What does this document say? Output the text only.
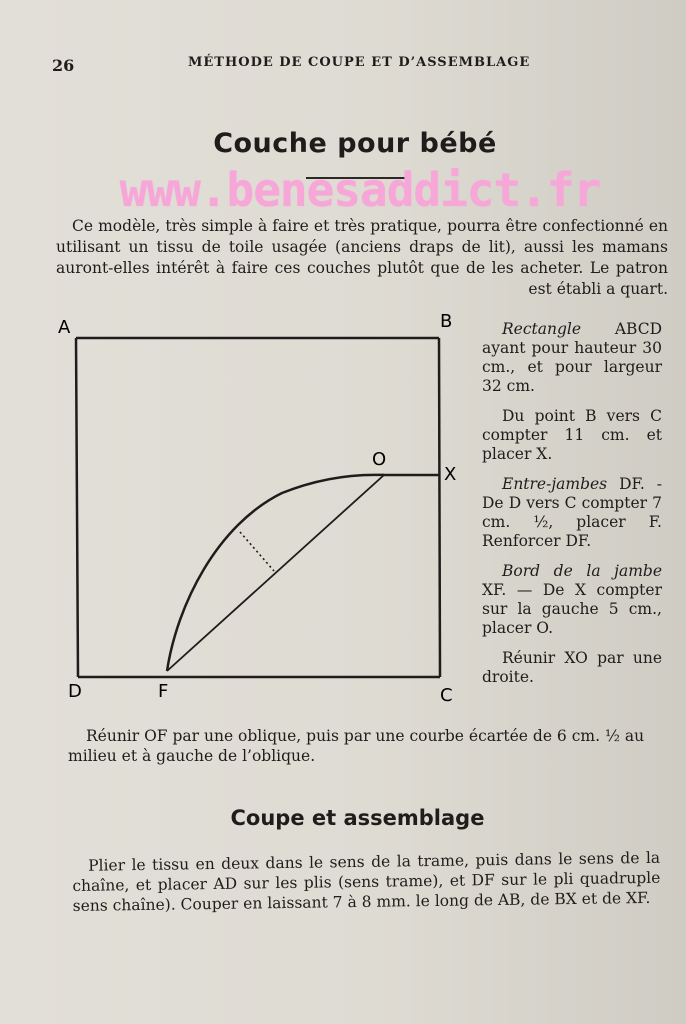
26	MÉTHODE DE COUPE ET D’ASSEMBLAGE
Couche pour bébé
www.benesaddict.fr

Ce modèle, très simple à faire et très pratique, pourra être confectionné en utilisant un tissu de toile usagée (anciens draps de lit), aussi les mamans auront-elles intérêt à faire ces couches plutôt que de les acheter. Le patron est établi a quart.

A	B
C
D	F
O
X

Rectangle ABCD ayant pour hauteur 30 cm., et pour largeur 32 cm.

Du point B vers C compter 11 cm. et placer X.

Entre-jambes DF. - De D vers C compter 7 cm. ½, placer F. Renforcer DF.

Bord de la jambe XF. — De X compter sur la gauche 5 cm., placer O.

Réunir XO par une droite.

Réunir OF par une oblique, puis par une courbe écartée de 6 cm. ½ au milieu et à gauche de l’oblique.

Coupe et assemblage

Plier le tissu en deux dans le sens de la trame, puis dans le sens de la chaîne, et placer AD sur les plis (sens trame), et DF sur le pli quadruple sens chaîne). Couper en laissant 7 à 8 mm. le long de AB, de BX et de XF.
